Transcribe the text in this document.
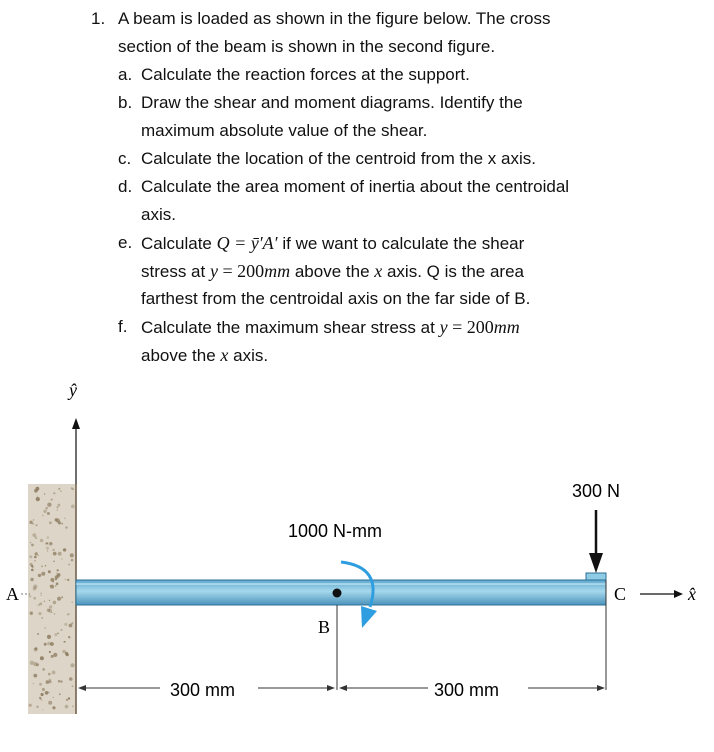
1. A beam is loaded as shown in the figure below. The cross
section of the beam is shown in the second figure.
a. Calculate the reaction forces at the support.
b. Draw the shear and moment diagrams. Identify the
maximum absolute value of the shear.
c. Calculate the location of the centroid from the x axis.
d. Calculate the area moment of inertia about the centroidal
axis.
e. Calculate Q = ȳ′A′ if we want to calculate the shear
stress at y = 200mm above the x axis. Q is the area
farthest from the centroidal axis on the far side of B.
f. Calculate the maximum shear stress at y = 200mm
above the x axis.
ŷ
A
B
1000 N-mm
300 N
C	x̂
300 mm	300 mm
